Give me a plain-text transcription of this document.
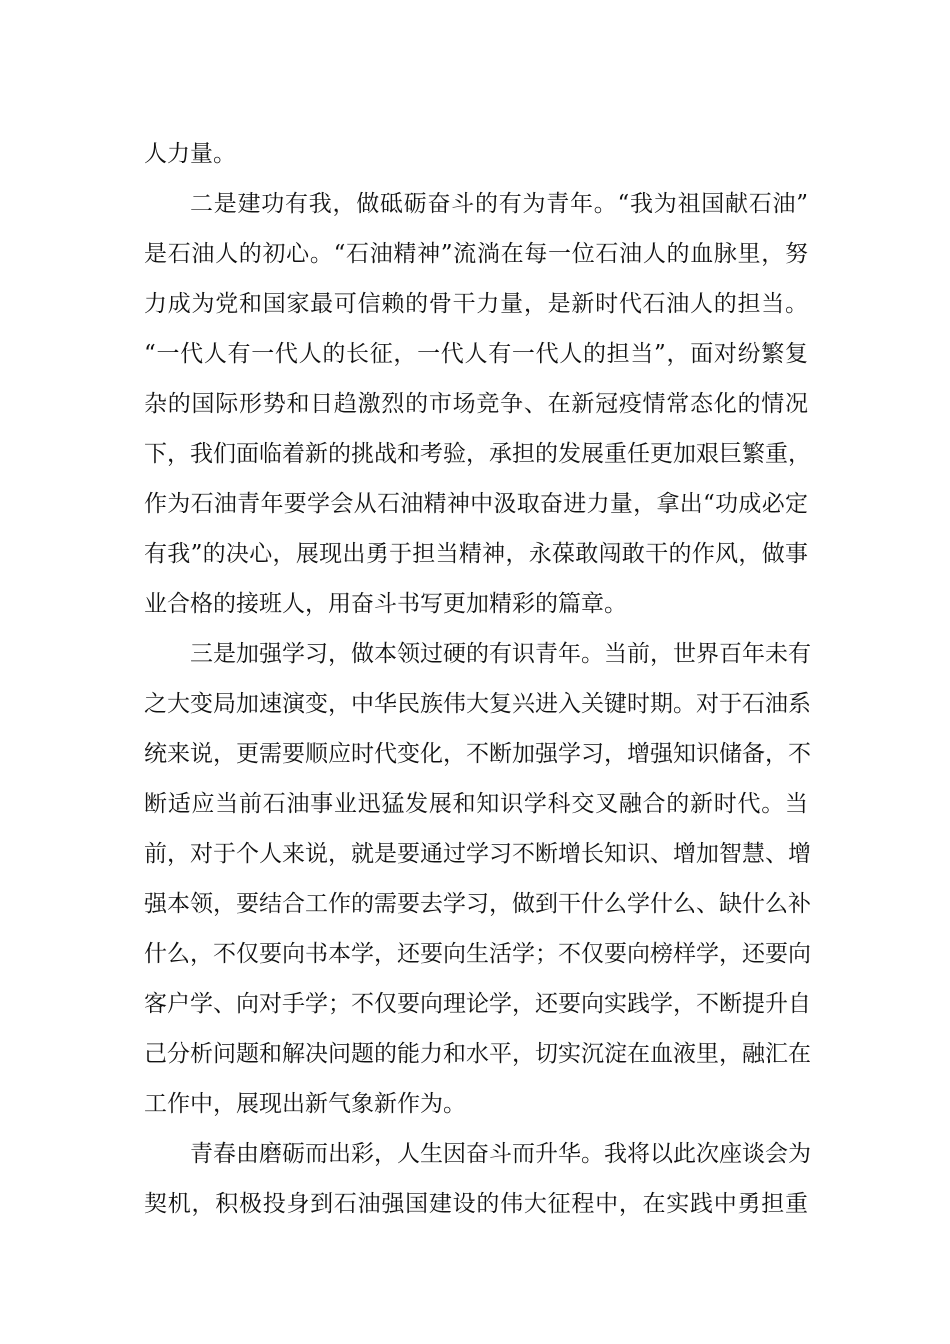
人力量。
二是建功有我，做砥砺奋斗的有为青年。“我为祖国献石油”
是石油人的初心。“石油精神”流淌在每一位石油人的血脉里，努
力成为党和国家最可信赖的骨干力量，是新时代石油人的担当。
“一代人有一代人的长征，一代人有一代人的担当”，面对纷繁复
杂的国际形势和日趋激烈的市场竞争、在新冠疫情常态化的情况
下，我们面临着新的挑战和考验，承担的发展重任更加艰巨繁重，
作为石油青年要学会从石油精神中汲取奋进力量，拿出“功成必定
有我”的决心，展现出勇于担当精神，永葆敢闯敢干的作风，做事
业合格的接班人，用奋斗书写更加精彩的篇章。
三是加强学习，做本领过硬的有识青年。当前，世界百年未有
之大变局加速演变，中华民族伟大复兴进入关键时期。对于石油系
统来说，更需要顺应时代变化，不断加强学习，增强知识储备，不
断适应当前石油事业迅猛发展和知识学科交叉融合的新时代。当
前，对于个人来说，就是要通过学习不断增长知识、增加智慧、增
强本领，要结合工作的需要去学习，做到干什么学什么、缺什么补
什么，不仅要向书本学，还要向生活学；不仅要向榜样学，还要向
客户学、向对手学；不仅要向理论学，还要向实践学，不断提升自
己分析问题和解决问题的能力和水平，切实沉淀在血液里，融汇在
工作中，展现出新气象新作为。
青春由磨砺而出彩，人生因奋斗而升华。我将以此次座谈会为
契机，积极投身到石油强国建设的伟大征程中，在实践中勇担重
